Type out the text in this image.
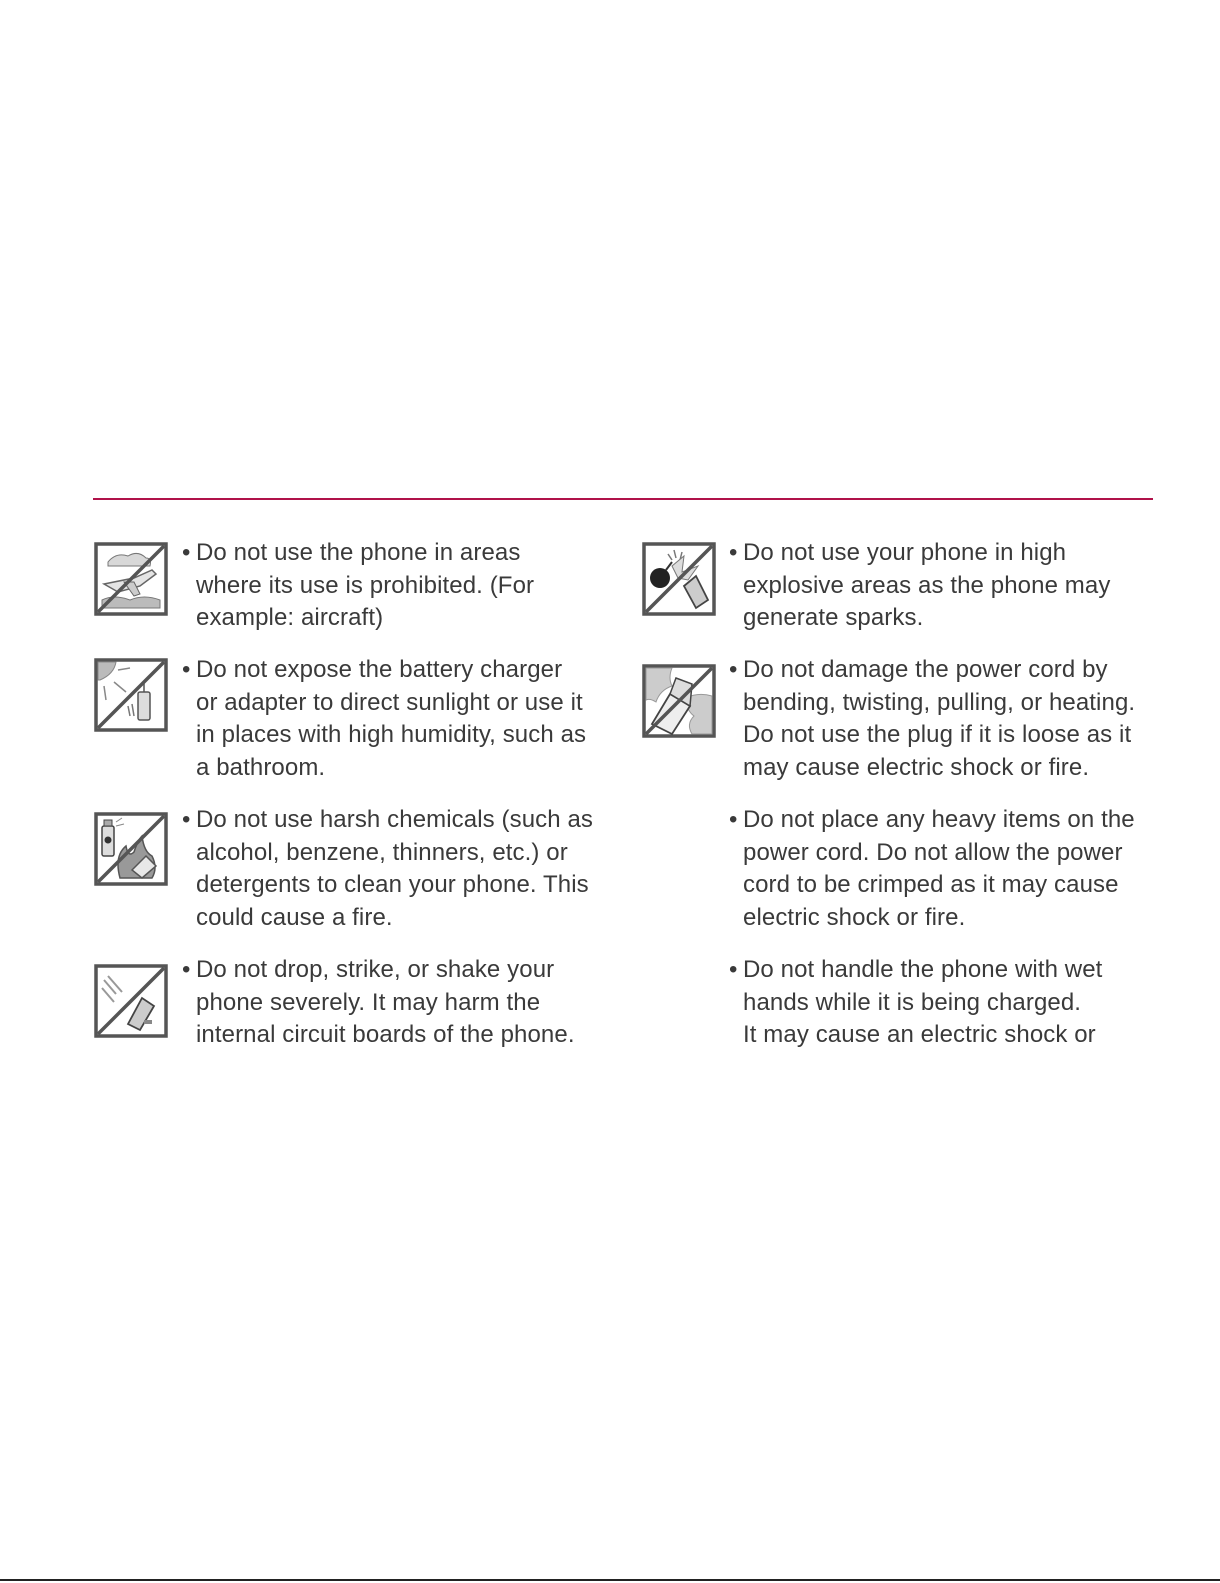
• Do not use the phone in areas

where its use is prohibited. (For

example: aircraft)

• Do not expose the battery charger

or adapter to direct sunlight or use it

in places with high humidity, such as

a bathroom.

• Do not use harsh chemicals (such as

alcohol, benzene, thinners, etc.) or

detergents to clean your phone. This

could cause a fire.

• Do not drop, strike, or shake your

phone severely. It may harm the

internal circuit boards of the phone.

• Do not use your phone in high

explosive areas as the phone may

generate sparks.

• Do not damage the power cord by

bending, twisting, pulling, or heating.

Do not use the plug if it is loose as it

may cause electric shock or fire.

• Do not place any heavy items on the

power cord. Do not allow the power

cord to be crimped as it may cause

electric shock or fire.

• Do not handle the phone with wet

hands while it is being charged.

It may cause an electric shock or
